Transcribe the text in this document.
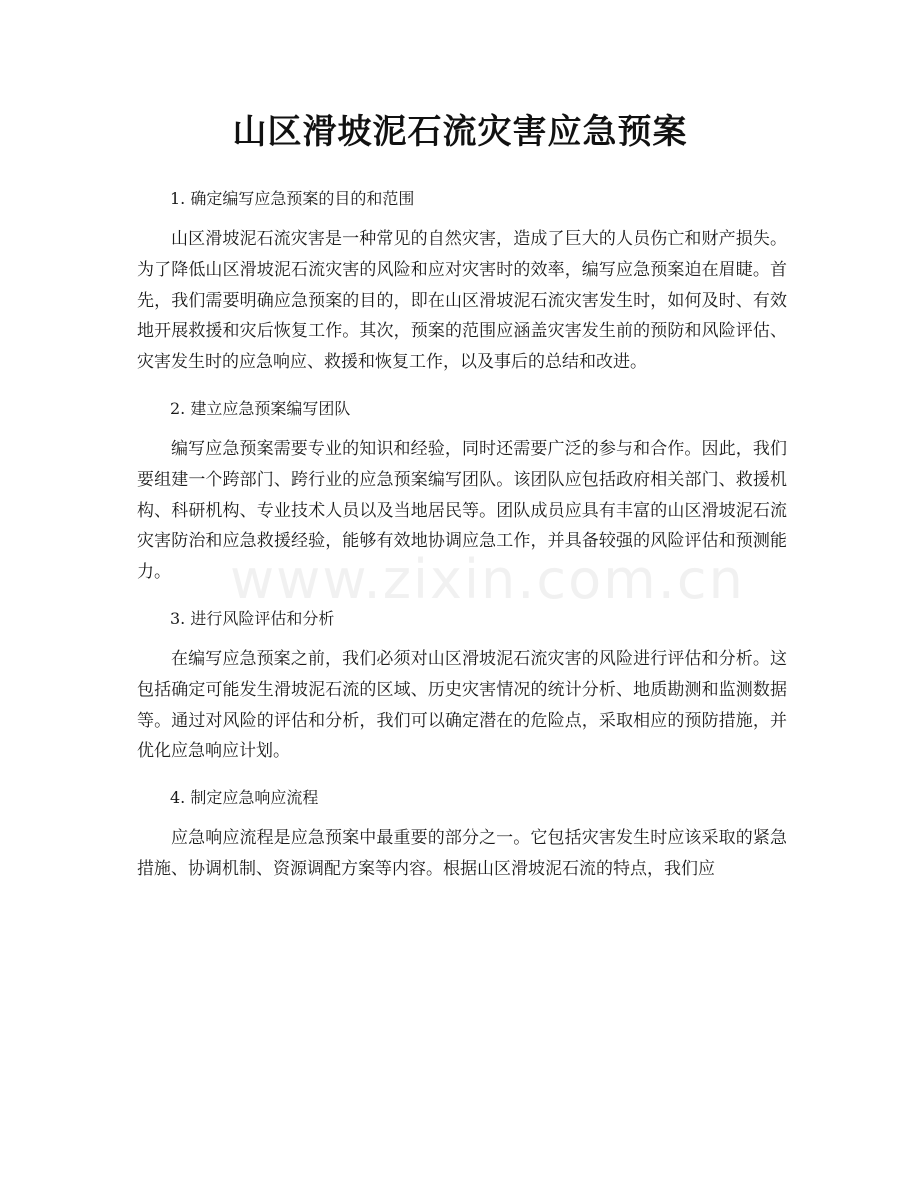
山区滑坡泥石流灾害应急预案
www.zixin.com.cn
1. 确定编写应急预案的目的和范围

山区滑坡泥石流灾害是一种常见的自然灾害，造成了巨大的人员伤亡和财产损失。为了降低山区滑坡泥石流灾害的风险和应对灾害时的效率，编写应急预案迫在眉睫。首先，我们需要明确应急预案的目的，即在山区滑坡泥石流灾害发生时，如何及时、有效地开展救援和灾后恢复工作。其次，预案的范围应涵盖灾害发生前的预防和风险评估、灾害发生时的应急响应、救援和恢复工作，以及事后的总结和改进。

2. 建立应急预案编写团队

编写应急预案需要专业的知识和经验，同时还需要广泛的参与和合作。因此，我们要组建一个跨部门、跨行业的应急预案编写团队。该团队应包括政府相关部门、救援机构、科研机构、专业技术人员以及当地居民等。团队成员应具有丰富的山区滑坡泥石流灾害防治和应急救援经验，能够有效地协调应急工作，并具备较强的风险评估和预测能力。

3. 进行风险评估和分析

在编写应急预案之前，我们必须对山区滑坡泥石流灾害的风险进行评估和分析。这包括确定可能发生滑坡泥石流的区域、历史灾害情况的统计分析、地质勘测和监测数据等。通过对风险的评估和分析，我们可以确定潜在的危险点，采取相应的预防措施，并优化应急响应计划。

4. 制定应急响应流程

应急响应流程是应急预案中最重要的部分之一。它包括灾害发生时应该采取的紧急措施、协调机制、资源调配方案等内容。根据山区滑坡泥石流的特点，我们应
